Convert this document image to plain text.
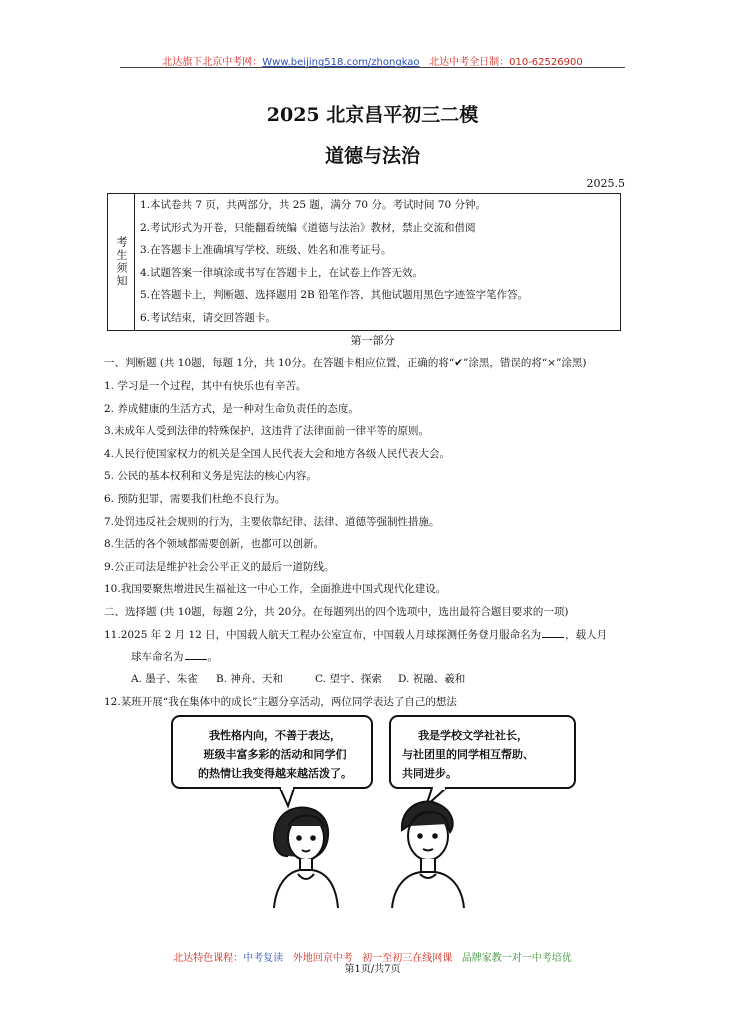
北达旗下北京中考网：Www.beijing518.com/zhongkao 北达中考全日制：010-62526900
2025 北京昌平初三二模
道德与法治
2025.5
考生须知
1.本试卷共 7 页，共两部分，共 25 题，满分 70 分。考试时间 70 分钟。
2.考试形式为开卷，只能翻看统编《道德与法治》教材，禁止交流和借阅
3.在答题卡上准确填写学校、班级、姓名和准考证号。
4.试题答案一律填涂或书写在答题卡上，在试卷上作答无效。
5.在答题卡上，判断题、选择题用 2B 铅笔作答，其他试题用黑色字迹签字笔作答。
6.考试结束，请交回答题卡。
第一部分
一、判断题 (共 10题，每题 1分，共 10分。在答题卡相应位置，正确的将“✔”涂黑，错误的将“×”涂黑)
1. 学习是一个过程，其中有快乐也有辛苦。
2. 养成健康的生活方式，是一种对生命负责任的态度。
3.未成年人受到法律的特殊保护，这违背了法律面前一律平等的原则。
4.人民行使国家权力的机关是全国人民代表大会和地方各级人民代表大会。
5. 公民的基本权利和义务是宪法的核心内容。
6. 预防犯罪，需要我们杜绝不良行为。
7.处罚违反社会规则的行为，主要依靠纪律、法律、道德等强制性措施。
8.生活的各个领域都需要创新，也都可以创新。
9.公正司法是维护社会公平正义的最后一道防线。
10.我国要聚焦增进民生福祉这一中心工作，全面推进中国式现代化建设。
二、选择题 (共 10题，每题 2分，共 20分。在每题列出的四个选项中，选出最符合题目要求的一项)
11.2025 年 2 月 12 日，中国载人航天工程办公室宣布，中国载人月球探测任务登月服命名为 ，载人月
球车命名为 。
A. 墨子、朱雀 B. 神舟、天和	C. 望宇、探索 D. 祝融、羲和
12.某班开展“我在集体中的成长”主题分享活动，两位同学表达了自己的想法
我性格内向，不善于表达，
班级丰富多彩的活动和同学们
的热情让我变得越来越活泼了。
我是学校文学社社长，
与社团里的同学相互帮助、
共同进步。
北达特色课程：中考复读 外地回京中考 初一至初三在线网课 品牌家教一对一中考培优
第1页/共7页
